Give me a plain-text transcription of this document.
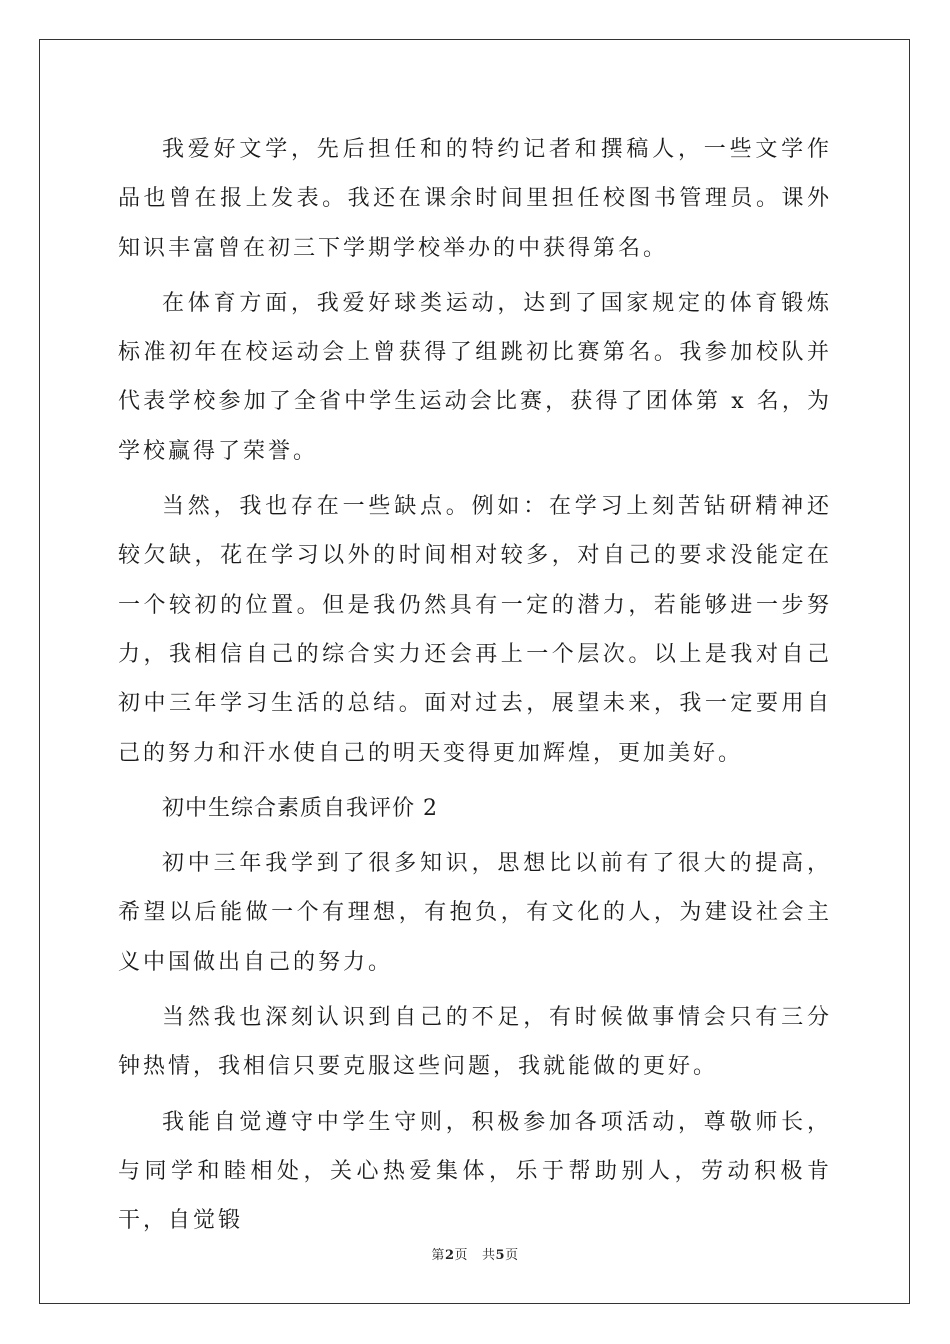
我爱好文学，先后担任和的特约记者和撰稿人，一些文学作品也曾在报上发表。我还在课余时间里担任校图书管理员。课外知识丰富曾在初三下学期学校举办的中获得第名。

在体育方面，我爱好球类运动，达到了国家规定的体育锻炼标准初年在校运动会上曾获得了组跳初比赛第名。我参加校队并代表学校参加了全省中学生运动会比赛，获得了团体第 x 名，为学校赢得了荣誉。

当然，我也存在一些缺点。例如：在学习上刻苦钻研精神还较欠缺，花在学习以外的时间相对较多，对自己的要求没能定在一个较初的位置。但是我仍然具有一定的潜力，若能够进一步努力，我相信自己的综合实力还会再上一个层次。以上是我对自己初中三年学习生活的总结。面对过去，展望未来，我一定要用自己的努力和汗水使自己的明天变得更加辉煌，更加美好。

初中生综合素质自我评价 2

初中三年我学到了很多知识，思想比以前有了很大的提高，希望以后能做一个有理想，有抱负，有文化的人，为建设社会主义中国做出自己的努力。

当然我也深刻认识到自己的不足，有时候做事情会只有三分钟热情，我相信只要克服这些问题，我就能做的更好。

我能自觉遵守中学生守则，积极参加各项活动，尊敬师长，与同学和睦相处，关心热爱集体，乐于帮助别人，劳动积极肯干，自觉锻

第2页 共5页
